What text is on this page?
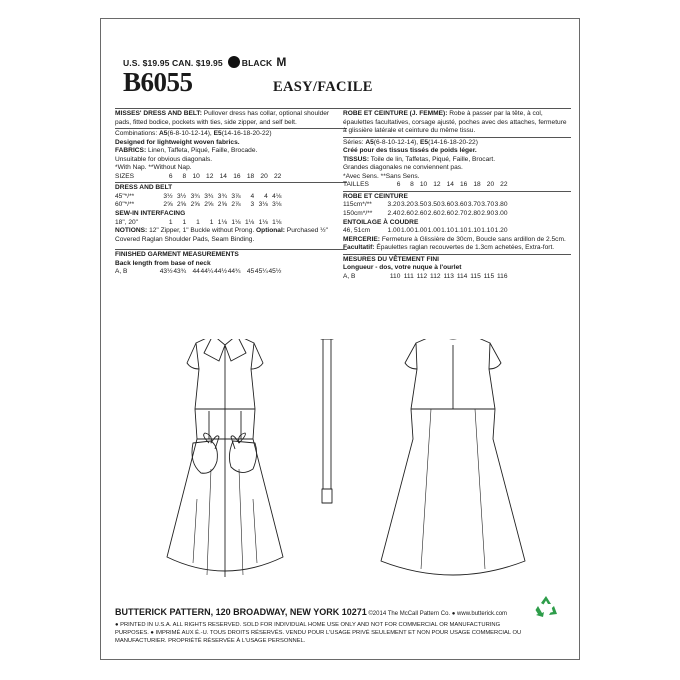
U.S. $19.95 CAN. $19.95 BLACK M
B6055	EASY/FACILE

MISSES' DRESS AND BELT: Pullover dress has collar, optional shoulder pads, fitted bodice, pockets with ties, side zipper, and self belt.

Combinations: A5(6-8-10-12-14), E5(14-16-18-20-22)

Designed for lightweight woven fabrics.

FABRICS: Linen, Taffeta, Piqué, Faille, Brocade.

Unsuitable for obvious diagonals.

*With Nap. **Without Nap.

SIZES	6	8 10 12 14 16 18 20 22

DRESS AND BELT

45"*/**	3½ 3½ 3¾ 3¾ 3¾ 3⅞	4	4 4⅛
60"*/**	2⅝ 2⅝ 2⅝ 2⅝ 2⅝ 2⅞	3 3⅛ 3⅛

SEW-IN INTERFACING

18", 20"	1	1	1	1 1⅛ 1⅛ 1⅛ 1⅛ 1⅛

NOTIONS: 12" Zipper, 1" Buckle without Prong. Optional: Purchased ½" Covered Raglan Shoulder Pads, Seam Binding.

FINISHED GARMENT MEASUREMENTS

Back length from base of neck

A, B	43½ 43¾ 44 44¼ 44½ 44¾ 45 45¼ 45½

ROBE ET CEINTURE (J. FEMME): Robe à passer par la tête, à col, épaulettes facultatives, corsage ajusté, poches avec des attaches, fermeture à glissière latérale et ceinture du même tissu.

Séries: A5(6-8-10-12-14), E5(14-16-18-20-22)

Créé pour des tissus tissés de poids léger.

TISSUS: Toile de lin, Taffetas, Piqué, Faille, Brocart.

Grandes diagonales ne conviennent pas.

*Avec Sens. **Sans Sens.

TAILLES	6	8 10 12 14 16 18 20 22

ROBE ET CEINTURE

115cm*/**	3.20 3.20 3.50 3.50 3.60 3.60 3.70 3.70 3.80
150cm*/**	2.40 2.60 2.60 2.60 2.60 2.70 2.80 2.90 3.00

ENTOILAGE À COUDRE

46, 51cm	1.00 1.00 1.00 1.00 1.10 1.10 1.10 1.10 1.20

MERCERIE: Fermeture à Glissière de 30cm, Boucle sans ardillon de 2.5cm. Facultatif: Épaulettes raglan recouvertes de 1.3cm achetées, Extra-fort.

MESURES DU VÊTEMENT FINI

Longueur - dos, votre nuque à l'ourlet

A, B	110 111 112 112 113 114 115 115 116
BUTTERICK PATTERN, 120 BROADWAY, NEW YORK 10271 ©2014 The McCall Pattern Co. ● www.butterick.com
● PRINTED IN U.S.A. ALL RIGHTS RESERVED. SOLD FOR INDIVIDUAL HOME USE ONLY AND NOT FOR COMMERCIAL OR MANUFACTURING PURPOSES. ● IMPRIMÉ AUX É.-U. TOUS DROITS RÉSERVÉS. VENDU POUR L'USAGE PRIVÉ SEULEMENT ET NON POUR USAGE COMMERCIAL OU MANUFACTURIER. PROPRIÉTÉ RÉSERVÉE À L'USAGE PERSONNEL.
